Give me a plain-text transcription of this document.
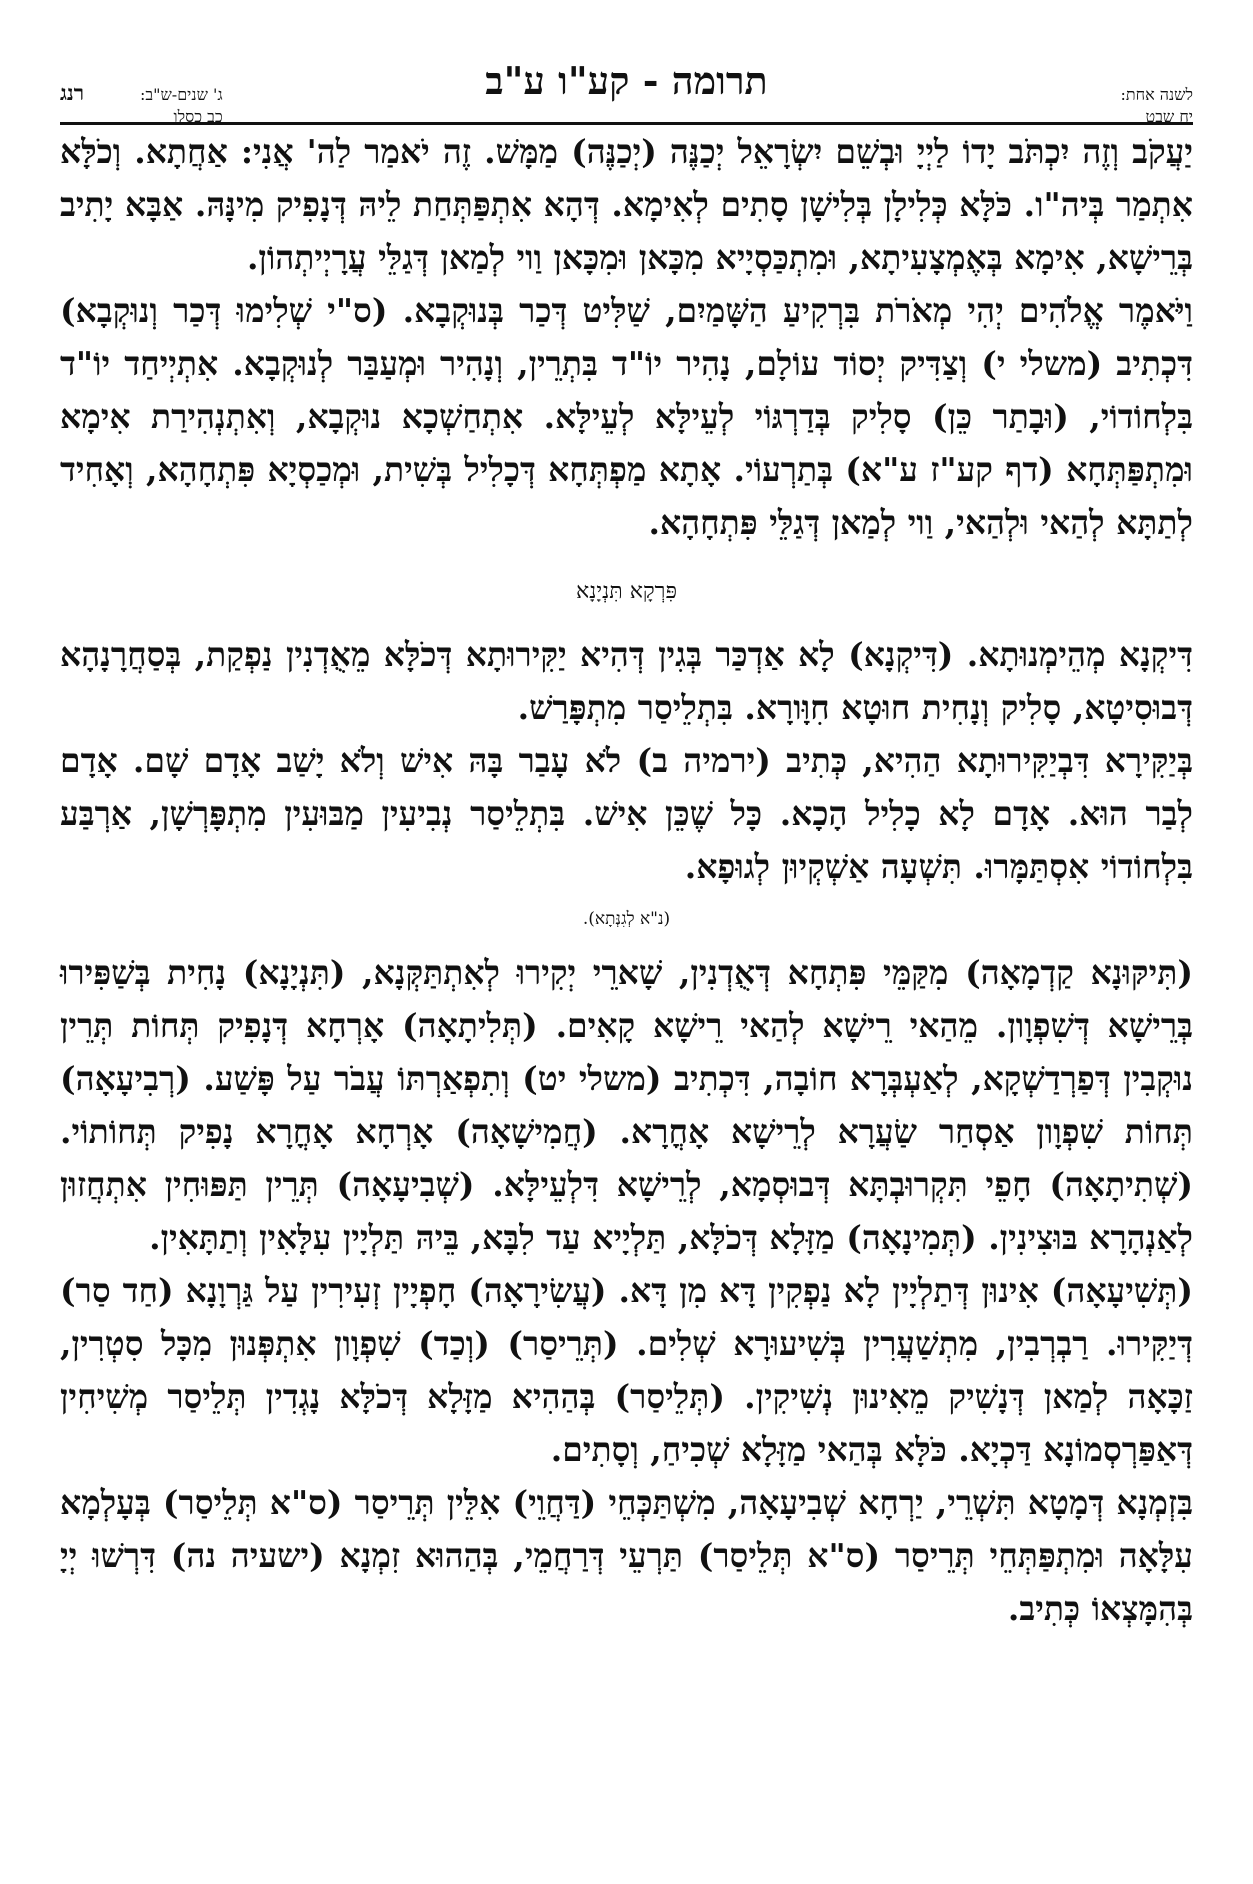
רנג	ג' שנים-ש"ב:
כב כסלו
תרומה - קע"ו ע"ב	לשנה אחת:
יח שבט

יַעֲקֹב וְזֶה יִכְתֹּב יָדוֹ לַיְיָ וּבְשֵׁם יִשְׂרָאֵל יְכַנֶּה (יְכַנֶּה) מַמָּשׁ. זֶה יֹאמַר לַה' אֲנִי: אַחֲתָא. וְכֹלָּא אִתְמַר בְּיה"ו. כֹּלָּא כְּלִילָן בְּלִישָׁן סָתִים לְאִימָא. דְּהָא אִתְפַּתְּחַת לֵיהּ דְּנָפִיק מִינָּהּ. אַבָּא יָתִיב בְּרֵישָׁא, אִימָא בְּאֶמְצָעִיתָא, וּמִתְכַּסְיָיא מִכָּאן וּמִכָּאן וַוי לְמַאן דְּגַלֵּי עֲרָיְיתְהוֹן.

וַיֹּאמֶר אֱלֹהִים יְהִי מְאֹרֹת בִּרְקִיעַ הַשָּׁמַיִם, שַׁלִּיט דְּכַר בְּנוּקְבָא. (ס"י שְׁלִימוּ דְּכַר וְנוּקְבָא) דִּכְתִיב (משלי י) וְצַדִּיק יְסוֹד עוֹלָם, נָהִיר יוֹ"ד בִּתְרֵין, וְנָהִיר וּמְעַבַּר לְנוּקְבָא. אִתְיְיחַד יוֹ"ד בִּלְחוֹדוֹי, (וּבָתַר כֵּן) סָלִיק בְּדַרְגּוֹי לְעֵילָּא לְעֵילָּא. אִתְחַשְׁכָא נוּקְבָא, וְאִתְנְהִירַת אִימָא וּמִתְפַּתְּחָא (דף קע"ז ע"א) בְּתַרְעוֹי. אָתָא מַפְתְּחָא דְּכָלִיל בְּשִׁית, וּמְכַסְיָא פִּתְחָהָא, וְאָחִיד לְתַתָּא לְהַאי וּלְהַאי, וַוי לְמַאן דְּגַלֵּי פִּתְחָהָא.

פִּרְקָא תִּנְיָנָא

דִּיקְנָא מְהֵימְנוּתָא. (דִּיקְנָא) לָא אַדְכַּר בְּגִין דְּהִיא יַקִּירוּתָא דְּכֹלָּא מֵאֻדְנִין נַפְקַת, בְּסַחֲרָנָהָא דְּבוּסִיטָא, סָלִיק וְנָחִית חוּטָא חִוָּורָא. בִּתְלֵיסַר מִתְפָּרַשׁ.

בְּיַקִּירָא דִּבְיַקִּירוּתָא הַהִיא, כְּתִיב (ירמיה ב) לֹא עָבַר בָּהּ אִישׁ וְלֹא יָשַׁב אָדָם שָׁם. אָדָם לְבַר הוּא. אָדָם לָא כָלִיל הָכָא. כָּל שֶׁכֵּן אִישׁ. בִּתְלֵיסַר נְבִיעִין מַבּוּעִין מִתְפָּרְשָׁן, אַרְבַּע בִּלְחוֹדוֹי אִסְתַּמָּרוּ. תִּשְׁעָה אַשְׁקְיוּן לְגוּפָא.

(נ"א לְגִנְּתָא).

(תִּיקּוּנָא קַדְמָאָה) מִקַּמֵּי פִּתְחָא דְּאֻדְנִין, שָׁארֵי יְקִירוּ לְאִתְתַּקְּנָא, (תִּנְיָנָא) נָחִית בְּשַׁפִּירוּ בְּרֵישָׁא דְּשִׁפְוָון. מֵהַאי רֵישָׁא לְהַאי רֵישָׁא קָאִים. (תְּלִיתָאָה) אָרְחָא דְּנָפִיק תְּחוֹת תְּרֵין נוּקְבִין דְּפַרְדַשְׁקָא, לְאַעְבְּרָא חוֹבָה, דִּכְתִיב (משלי יט) וְתִפְאַרְתּוֹ עֲבֹר עַל פָּשַׁע. (רְבִיעָאָה) תְּחוֹת שִׁפְוָון אַסְחַר שַׂעֲרָא לְרֵישָׁא אָחֳרָא. (חֲמִישָׁאָה) אָרְחָא אָחֳרָא נָפִיק תְּחוֹתוֹי. (שְׁתִיתָאָה) חָפֵי תִּקְרוּבְתָּא דְּבוּסְמָא, לְרֵישָׁא דִּלְעֵילָּא. (שְׁבִיעָאָה) תְּרֵין תַּפּוּחִין אִתְחֲזוּן לְאַנְהָרָא בּוּצִינִין. (תְּמִינָאָה) מַזָּלָא דְּכֹלָּא, תַּלְיָיא עַד לִבָּא, בֵּיהּ תַּלְיָין עִלָּאִין וְתַתָּאִין.

(תְּשִׁיעָאָה) אִינוּן דְּתַלְיָין לָא נַפְקִין דָּא מִן דָּא. (עֲשִׂירָאָה) חָפְיָין זְעִירִין עַל גַּרְוָנָא (חַד סַר) דְּיַקִּירוּ. רַבְרְבִין, מִתְשַׁעֲרִין בְּשִׁיעוּרָא שְׁלִים. (תְּרֵיסַר) (וְכַד) שִׁפְוָון אִתְפְּנוּן מִכָּל סִטְרִין, זַכָּאָה לְמַאן דְּנָשִׁיק מֵאִינוּן נְשִׁיקִין. (תְּלֵיסַר) בְּהַהִיא מַזָּלָא דְּכֹלָּא נָגְדִין תְּלֵיסַר מְשִׁיחִין דְּאַפַּרְסְמוֹנָא דַּכְיָא. כֹּלָּא בְּהַאי מַזָּלָא שְׁכִיחַ, וְסָתִים.

בִּזְמְנָא דְּמָטָא תִּשְׁרֵי, יַרְחָא שְׁבִיעָאָה, מִשְׁתַּכְּחֵי (דַּחֲוֵי) אִלֵּין תְּרֵיסַר (ס"א תְּלֵיסַר) בְּעָלְמָא עִלָּאָה וּמִתְפַּתְּחֵי תְּרֵיסַר (ס"א תְּלֵיסַר) תַּרְעֵי דְּרַחֲמֵי, בְּהַהוּא זִמְנָא (ישעיה נה) דִּרְשׁוּ יְיָ בְּהִמָּצְאוֹ כְּתִיב.
